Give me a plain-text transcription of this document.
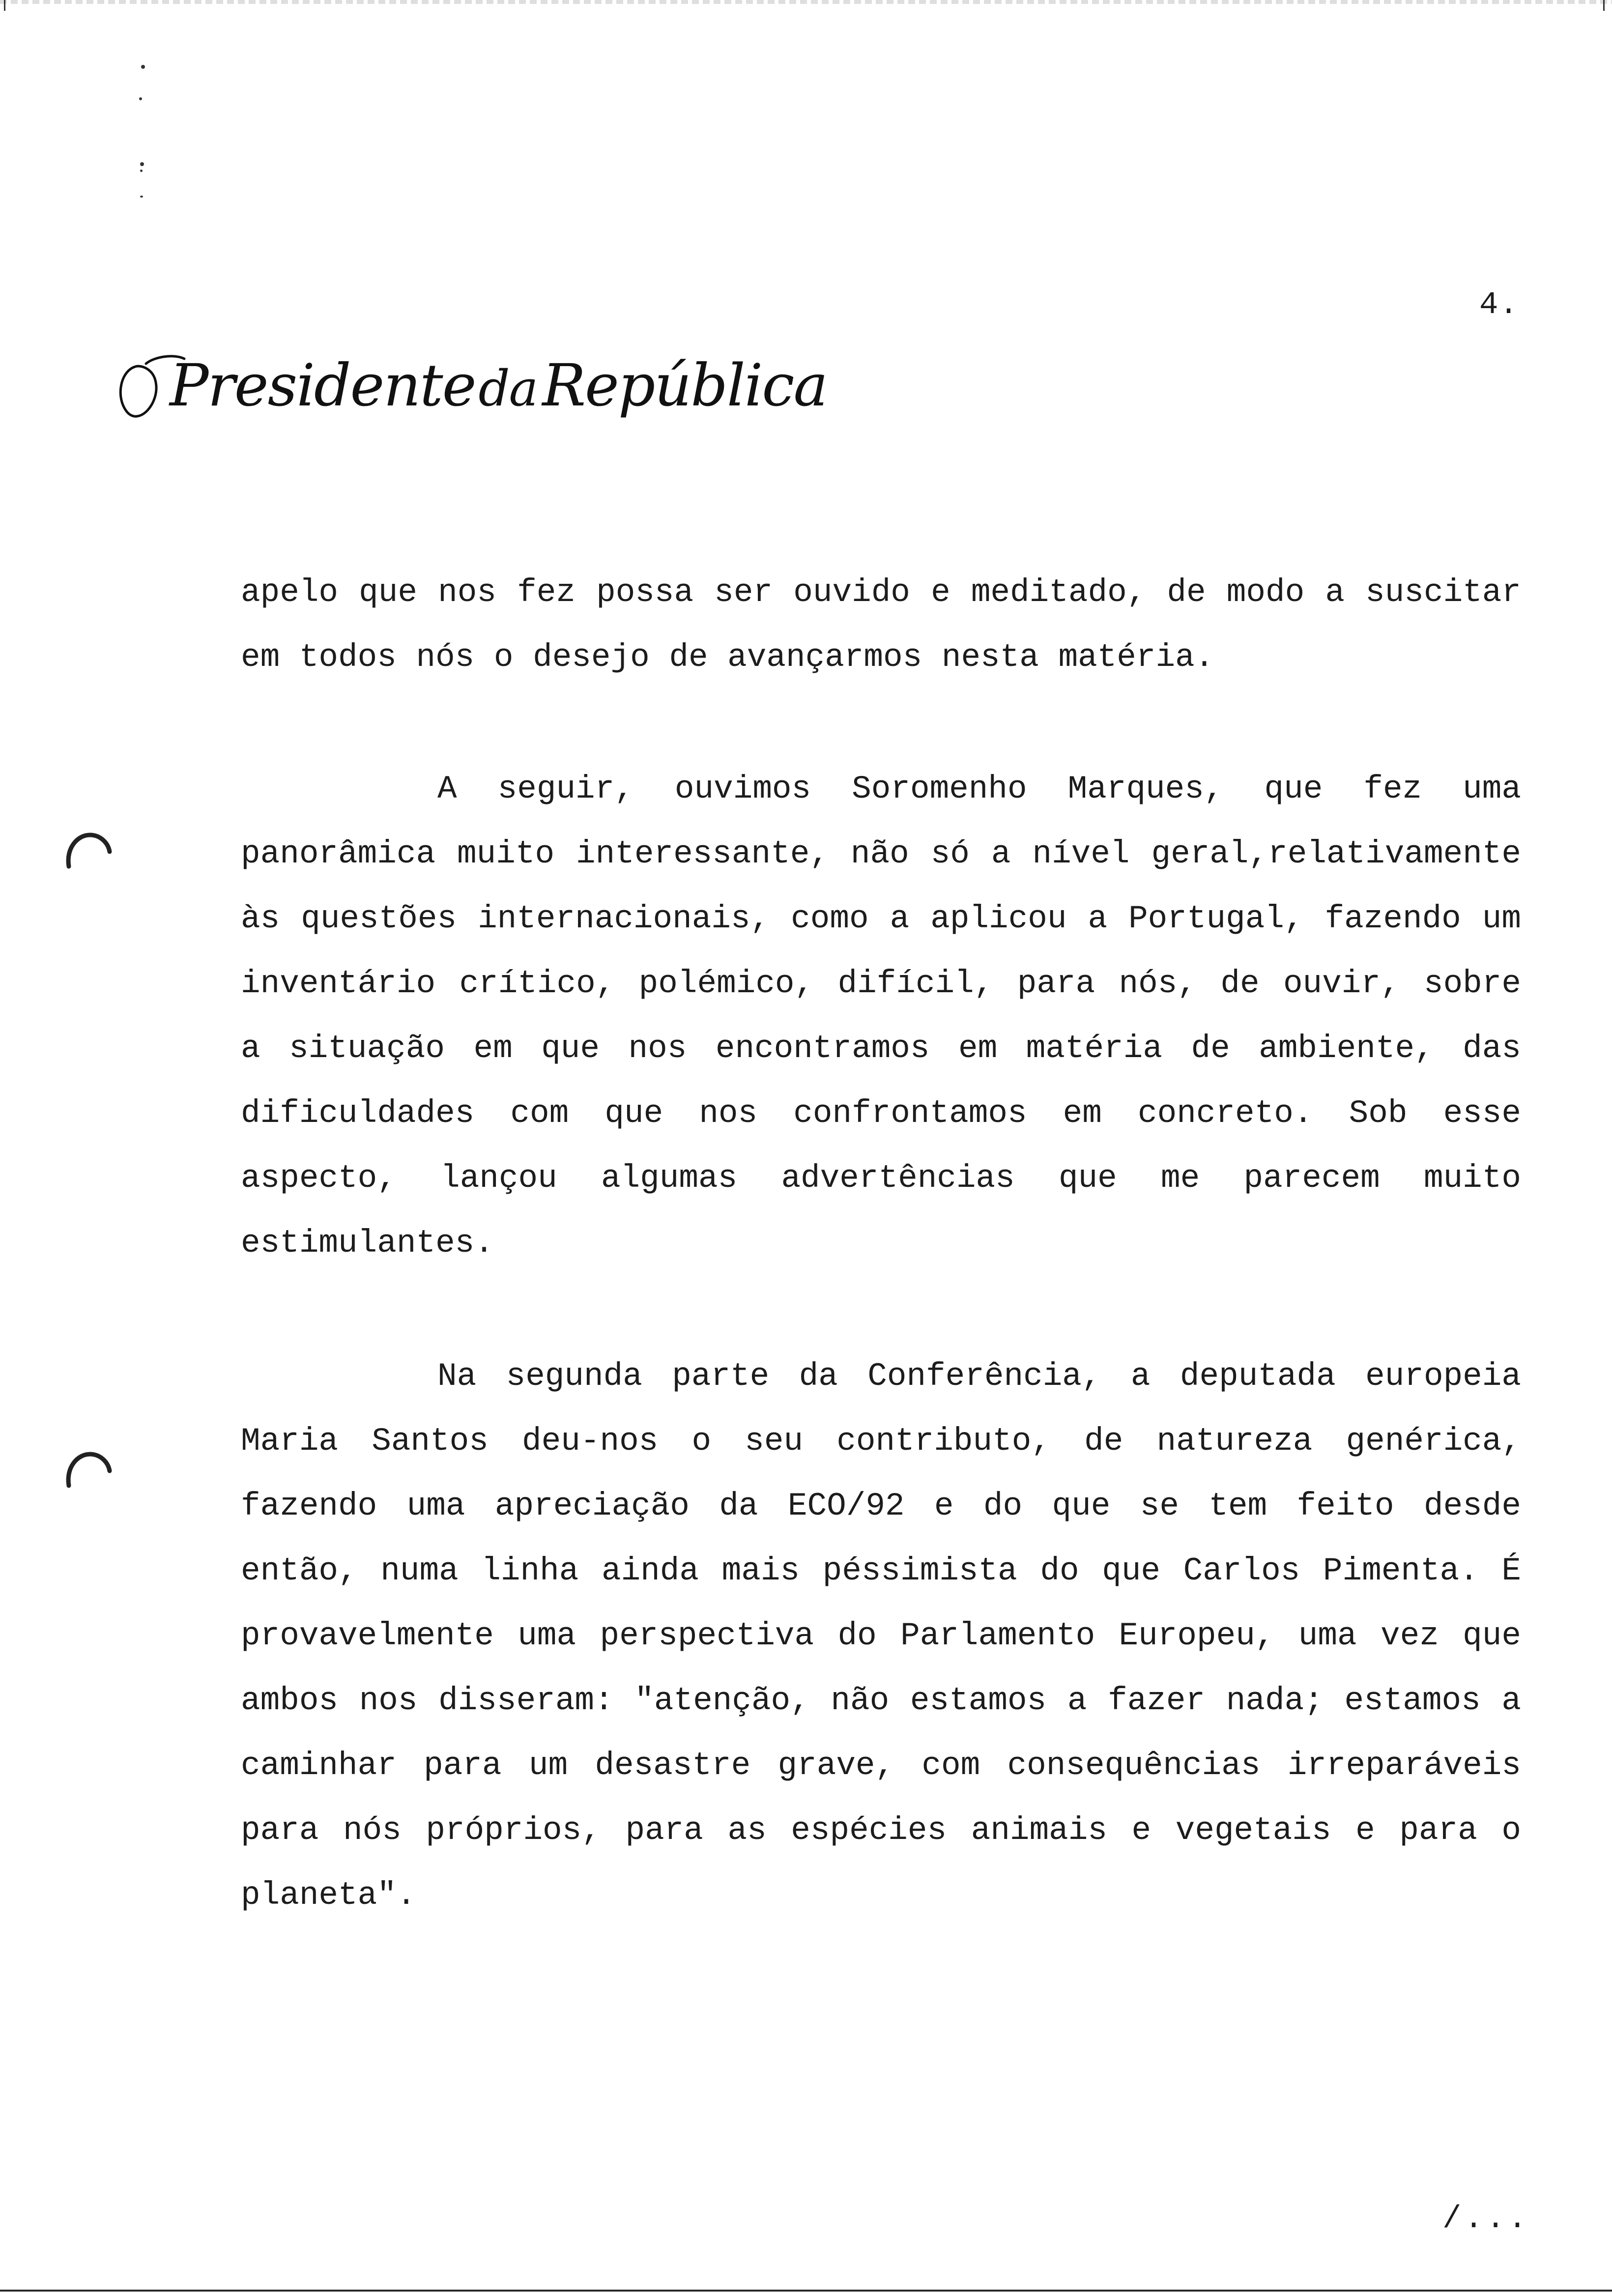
4.
PresidentedaRepública
apelo que nos fez possa ser ouvido e meditado, de modo a suscitar
em todos nós o desejo de avançarmos nesta matéria.
A seguir, ouvimos Soromenho Marques, que fez uma
panorâmica muito interessante, não só a nível geral,relativamente
às questões internacionais, como a aplicou a Portugal, fazendo um
inventário crítico, polémico, difícil, para nós, de ouvir, sobre
a situação em que nos encontramos em matéria de ambiente, das
dificuldades com que nos confrontamos em concreto. Sob esse
aspecto, lançou algumas advertências que me parecem muito
estimulantes.
Na segunda parte da Conferência, a deputada europeia
Maria Santos deu-nos o seu contributo, de natureza genérica,
fazendo uma apreciação da ECO/92 e do que se tem feito desde
então, numa linha ainda mais péssimista do que Carlos Pimenta. É
provavelmente uma perspectiva do Parlamento Europeu, uma vez que
ambos nos disseram: "atenção, não estamos a fazer nada; estamos a
caminhar para um desastre grave, com consequências irreparáveis
para nós próprios, para as espécies animais e vegetais e para o
planeta".
/...
